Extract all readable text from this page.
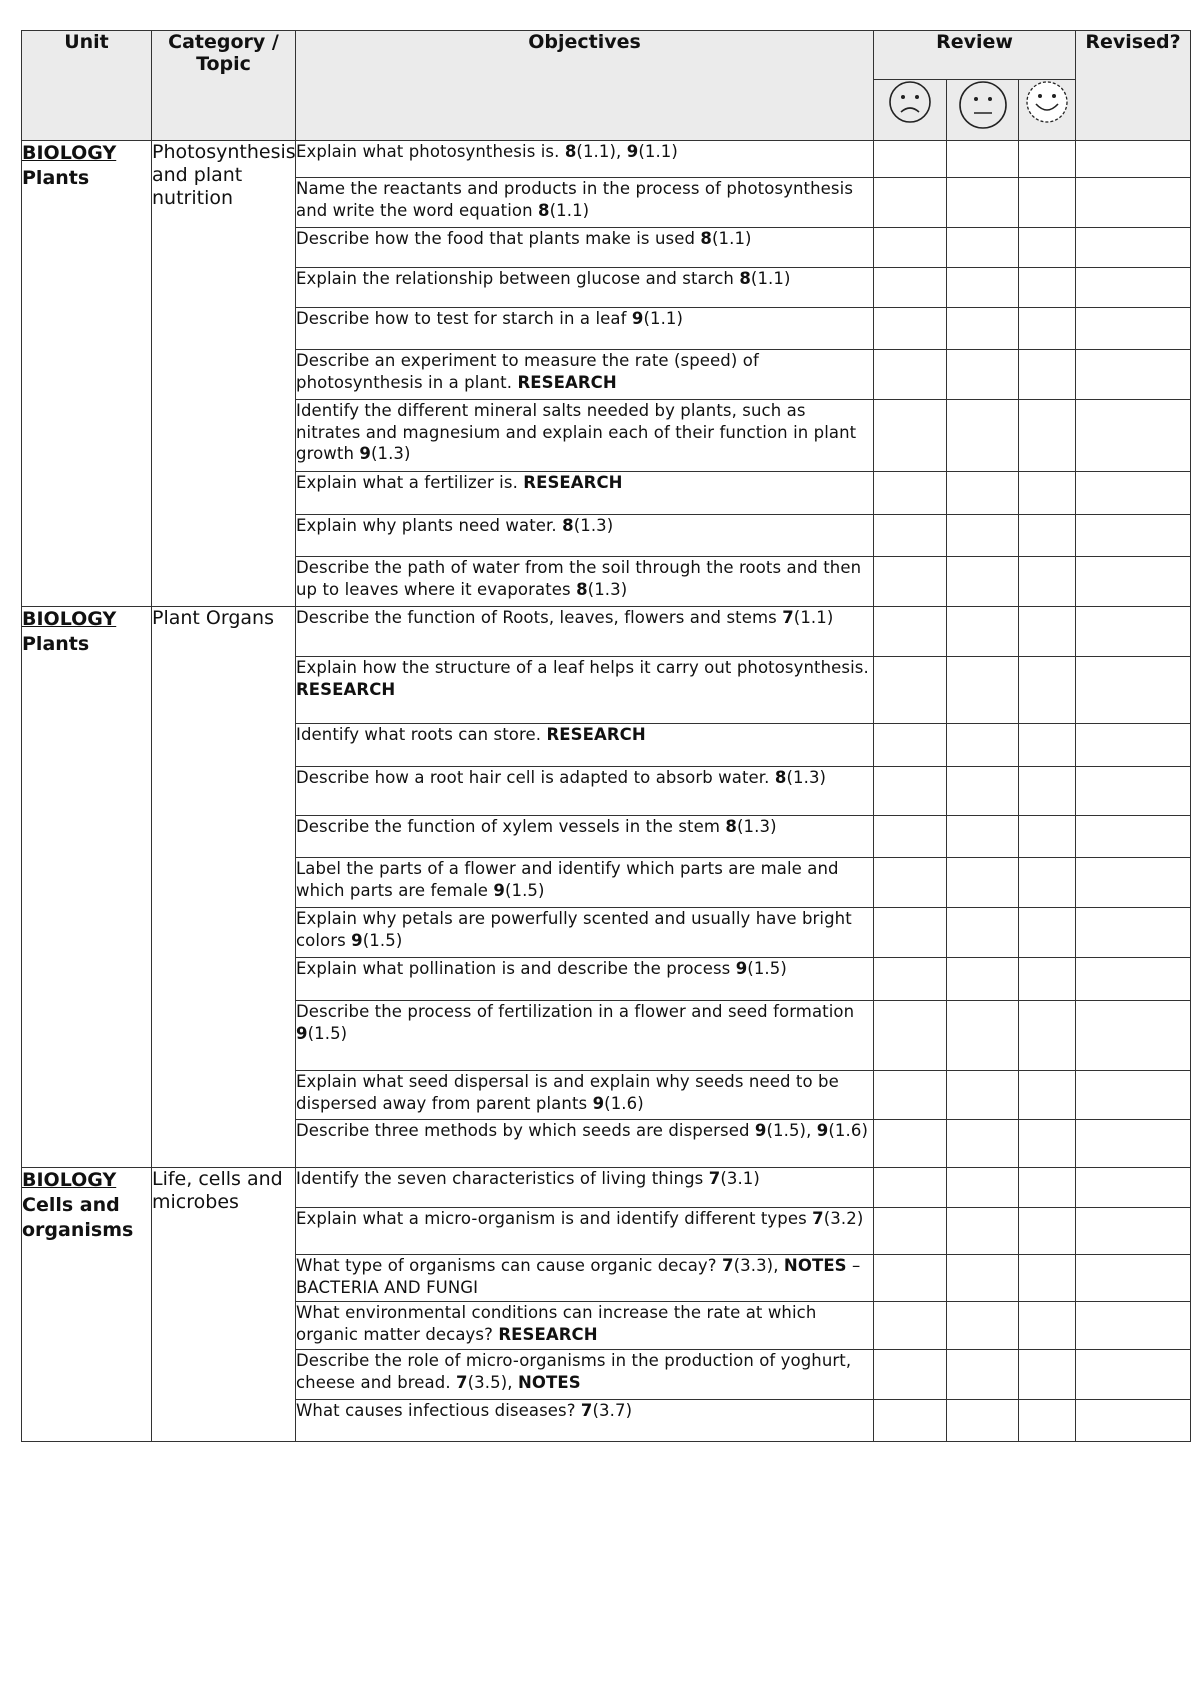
Unit	Category / Topic	Objectives	Review			Revised?

BIOLOGY
Plants	Photosynthesis and plant nutrition	Explain what photosynthesis is. 8(1.1), 9(1.1)				
		Name the reactants and products in the process of photosynthesis and write the word equation 8(1.1)				
		Describe how the food that plants make is used 8(1.1)				
		Explain the relationship between glucose and starch 8(1.1)				
		Describe how to test for starch in a leaf 9(1.1)				
		Describe an experiment to measure the rate (speed) of photosynthesis in a plant. RESEARCH				
		Identify the different mineral salts needed by plants, such as nitrates and magnesium and explain each of their function in plant growth 9(1.3)				
		Explain what a fertilizer is. RESEARCH				
		Explain why plants need water. 8(1.3)				
		Describe the path of water from the soil through the roots and then up to leaves where it evaporates 8(1.3)				

BIOLOGY
Plants	Plant Organs	Describe the function of Roots, leaves, flowers and stems 7(1.1)				
		Explain how the structure of a leaf helps it carry out photosynthesis.
RESEARCH				
		Identify what roots can store. RESEARCH				
		Describe how a root hair cell is adapted to absorb water. 8(1.3)				
		Describe the function of xylem vessels in the stem 8(1.3)				
		Label the parts of a flower and identify which parts are male and which parts are female 9(1.5)				
		Explain why petals are powerfully scented and usually have bright colors 9(1.5)				
		Explain what pollination is and describe the process 9(1.5)				
		Describe the process of fertilization in a flower and seed formation
9(1.5)				
		Explain what seed dispersal is and explain why seeds need to be dispersed away from parent plants 9(1.6)				
		Describe three methods by which seeds are dispersed 9(1.5), 9(1.6)				

BIOLOGY
Cells and organisms	Life, cells and microbes	Identify the seven characteristics of living things 7(3.1)				
		Explain what a micro-organism is and identify different types 7(3.2)				
		What type of organisms can cause organic decay? 7(3.3), NOTES – BACTERIA AND FUNGI				
		What environmental conditions can increase the rate at which organic matter decays? RESEARCH				
		Describe the role of micro-organisms in the production of yoghurt, cheese and bread. 7(3.5), NOTES				
		What causes infectious diseases? 7(3.7)				
